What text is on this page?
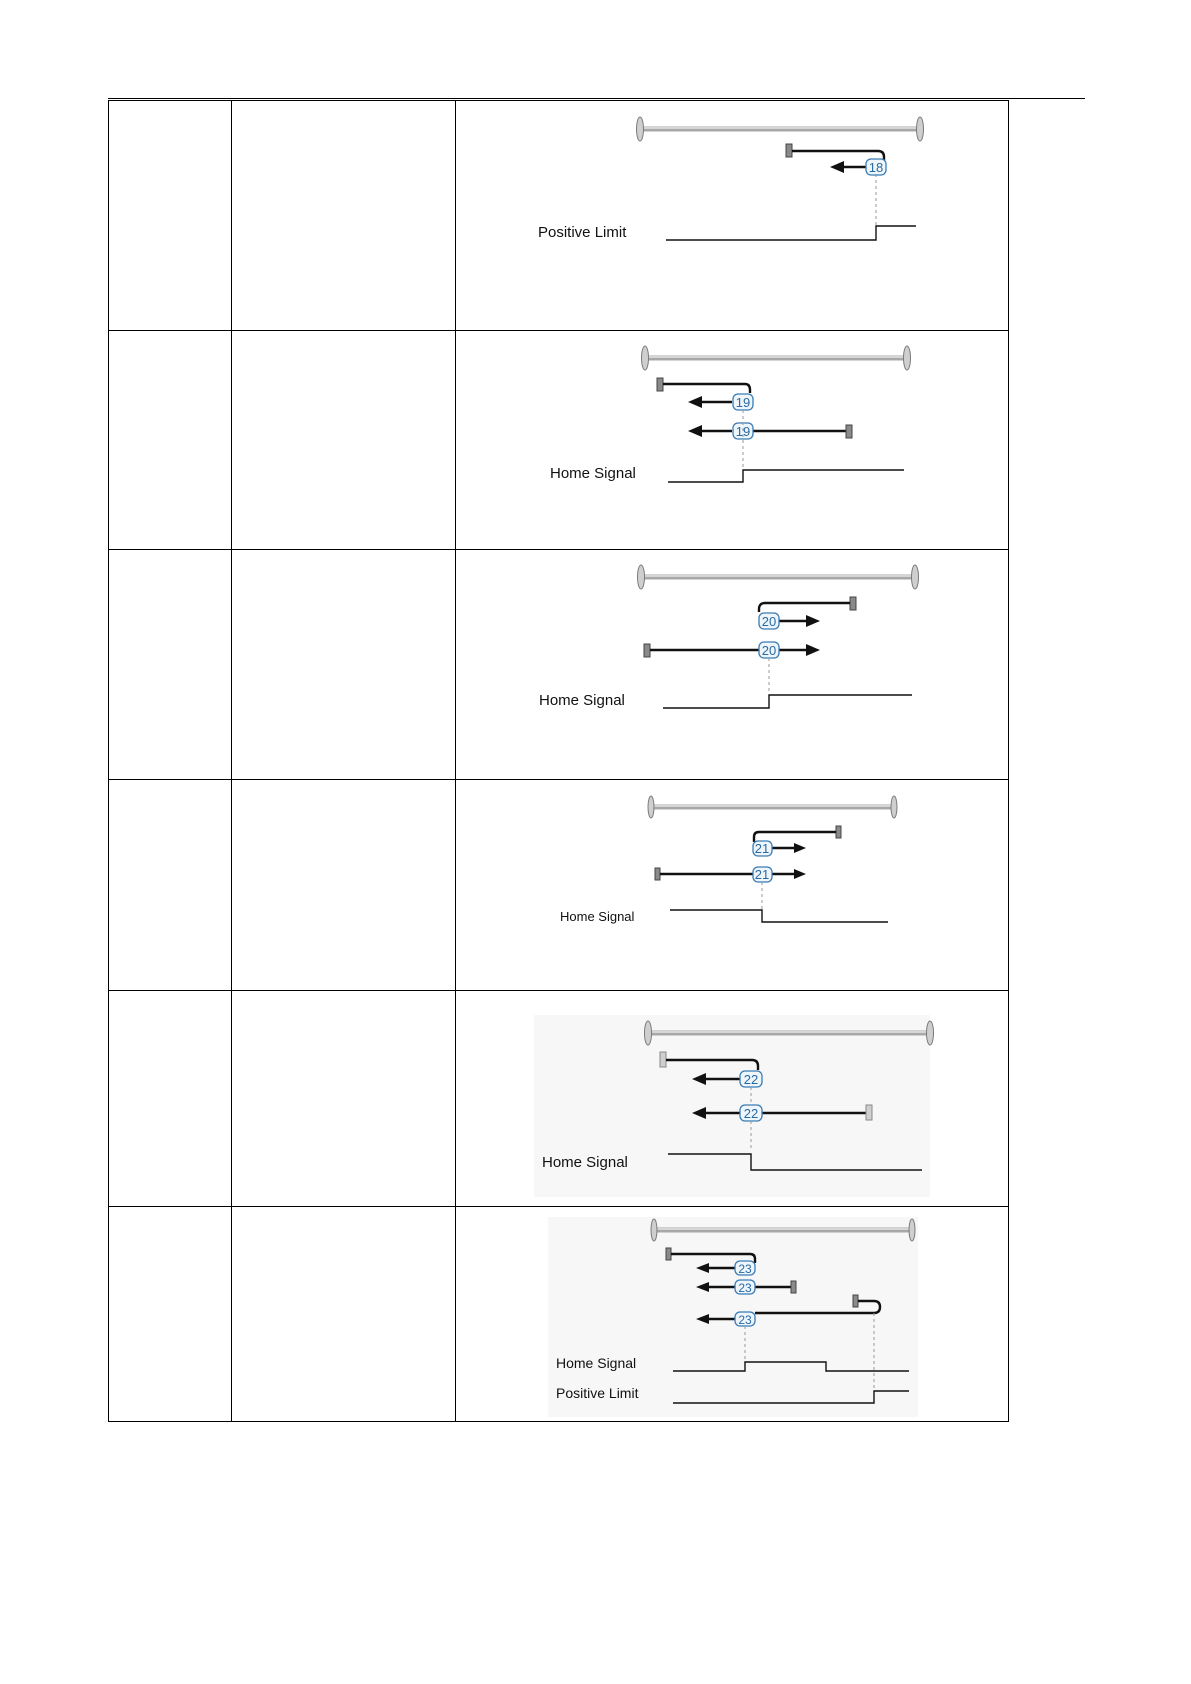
18
Positive Limit

19
19
Home Signal

20
20
Home Signal

21
21
Home Signal

22
22
Home Signal

23
23
23
Home Signal
Positive Limit
